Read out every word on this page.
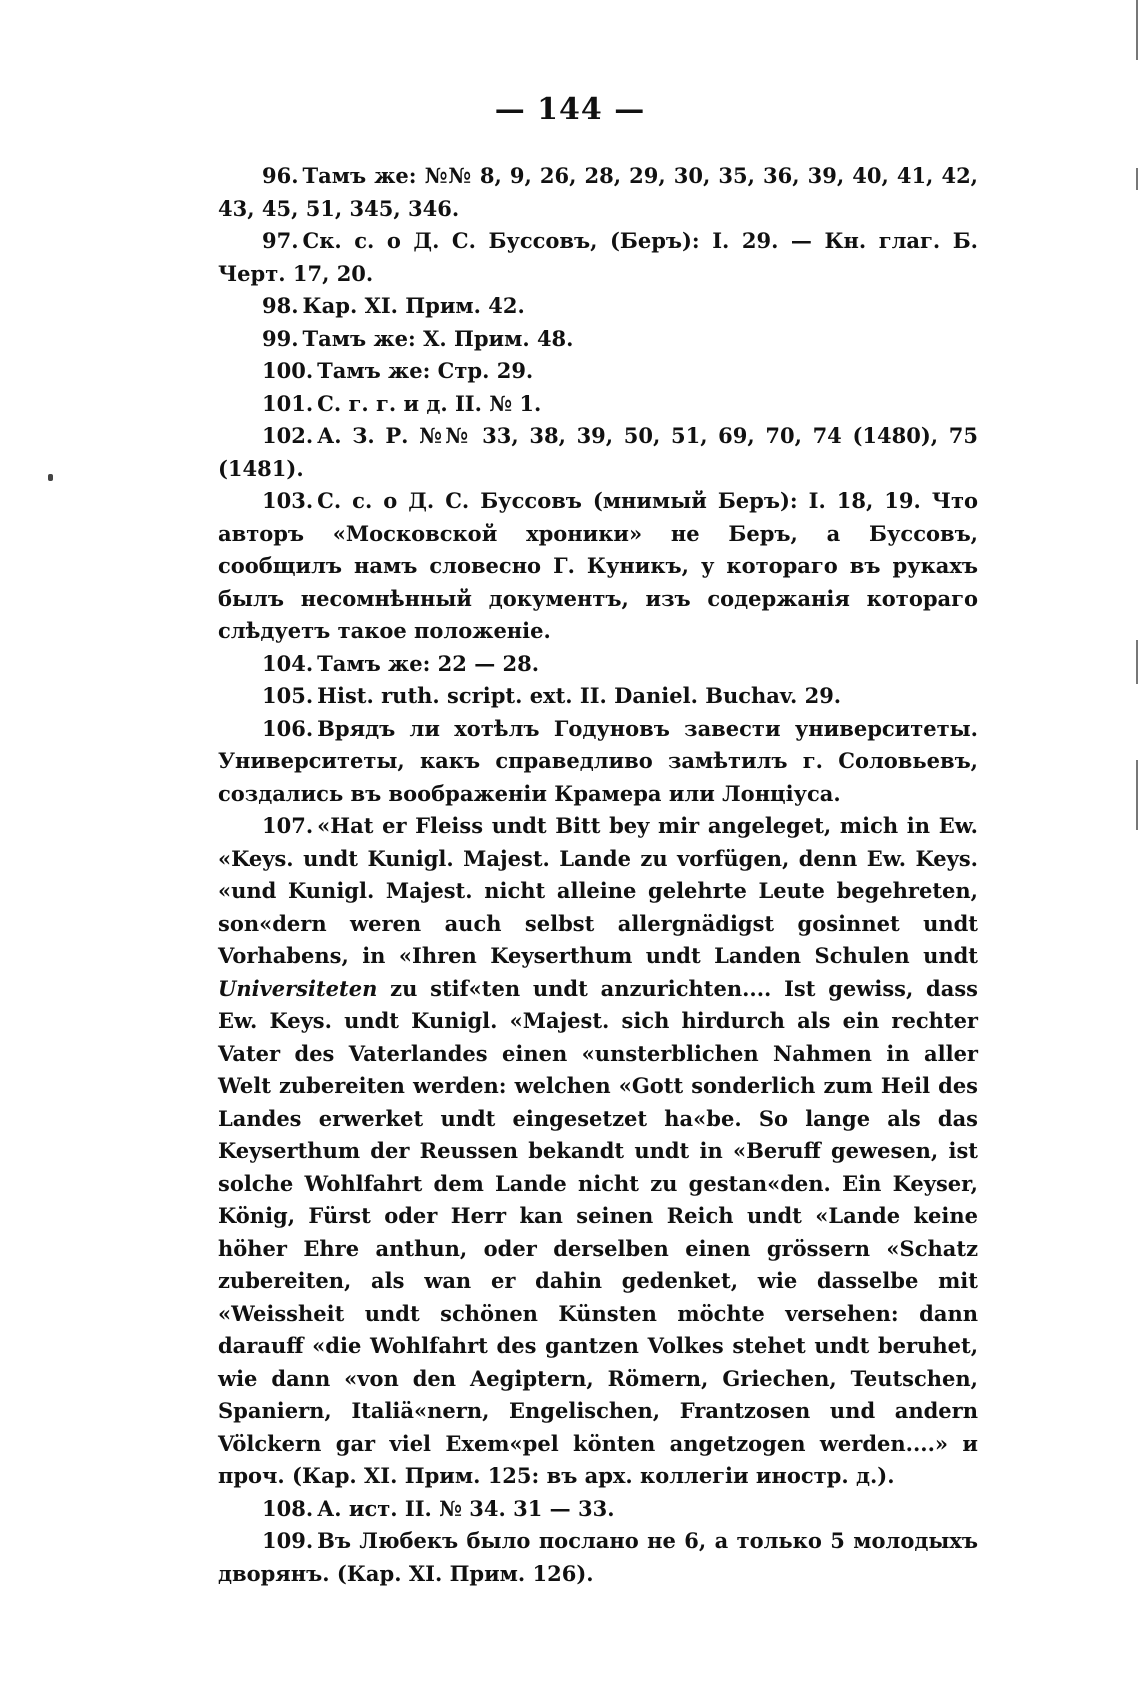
— 144 —

96. Тамъ же: №№ 8, 9, 26, 28, 29, 30, 35, 36, 39, 40, 41, 42, 43, 45, 51, 345, 346.

97. Ск. с. о Д. С. Буссовъ, (Беръ): I. 29. — Кн. глаг. Б. Черт. 17, 20.

98. Кар. XI. Прим. 42.

99. Тамъ же: X. Прим. 48.

100. Тамъ же: Стр. 29.

101. С. г. г. и д. II. № 1.

102. А. З. Р. №№ 33, 38, 39, 50, 51, 69, 70, 74 (1480), 75 (1481).

103. С. с. о Д. С. Буссовъ (мнимый Беръ): I. 18, 19. Что авторъ «Московской хроники» не Беръ, а Буссовъ, сообщилъ намъ словесно Г. Куникъ, у котораго въ рукахъ былъ несомнѣнный документъ, изъ содержанія котораго слѣдуетъ такое положеніе.

104. Тамъ же: 22 — 28.

105. Hist. ruth. script. ext. II. Daniel. Buchav. 29.

106. Врядъ ли хотѣлъ Годуновъ завести университеты. Университеты, какъ справедливо замѣтилъ г. Соловьевъ, создались въ воображеніи Крамера или Лонціуса.

107. «Hat er Fleiss undt Bitt bey mir angeleget, mich in Ew. «Keys. undt Kunigl. Majest. Lande zu vorfügen, denn Ew. Keys. «und Kunigl. Majest. nicht alleine gelehrte Leute begehreten, son«dern weren auch selbst allergnädigst gosinnet undt Vorhabens, in «Ihren Keyserthum undt Landen Schulen undt Universiteten zu stif«ten undt anzurichten.... Ist gewiss, dass Ew. Keys. undt Kunigl. «Majest. sich hirdurch als ein rechter Vater des Vaterlandes einen «unsterblichen Nahmen in aller Welt zubereiten werden: welchen «Gott sonderlich zum Heil des Landes erwerket undt eingesetzet ha«be. So lange als das Keyserthum der Reussen bekandt undt in «Beruff gewesen, ist solche Wohlfahrt dem Lande nicht zu gestan«den. Ein Keyser, König, Fürst oder Herr kan seinen Reich undt «Lande keine höher Ehre anthun, oder derselben einen grössern «Schatz zubereiten, als wan er dahin gedenket, wie dasselbe mit «Weissheit undt schönen Künsten möchte versehen: dann darauff «die Wohlfahrt des gantzen Volkes stehet undt beruhet, wie dann «von den Aegiptern, Römern, Griechen, Teutschen, Spaniern, Italiä«nern, Engelischen, Frantzosen und andern Völckern gar viel Exem«pel könten angetzogen werden....» и проч. (Кар. XI. Прим. 125: въ арх. коллегіи иностр. д.).

108. А. ист. II. № 34. 31 — 33.

109. Въ Любекъ было послано не 6, а только 5 молодыхъ дворянъ. (Кар. XI. Прим. 126).
